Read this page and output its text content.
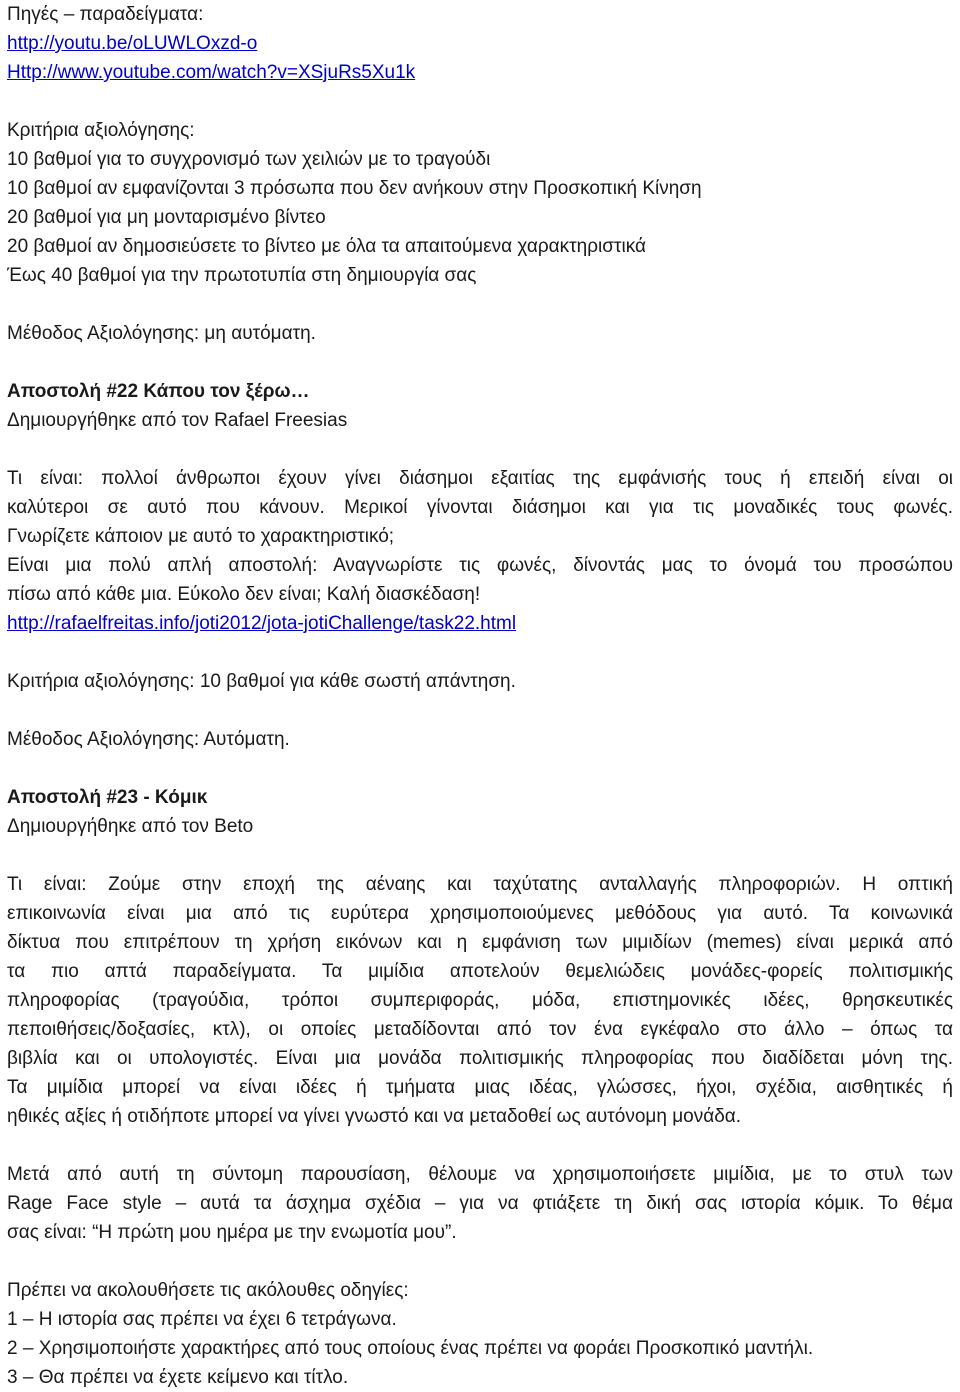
Πηγές – παραδείγματα:
http://youtu.be/oLUWLOxzd-o
Http://www.youtube.com/watch?v=XSjuRs5Xu1k
Κριτήρια αξιολόγησης:
10 βαθμοί για το συγχρονισμό των χειλιών με το τραγούδι
10 βαθμοί αν εμφανίζονται 3 πρόσωπα που δεν ανήκουν στην Προσκοπική Κίνηση
20 βαθμοί για μη μονταρισμένο βίντεο
20 βαθμοί αν δημοσιεύσετε το βίντεο με όλα τα απαιτούμενα χαρακτηριστικά
Έως 40 βαθμοί για την πρωτοτυπία στη δημιουργία σας
Μέθοδος Αξιολόγησης: μη αυτόματη.
Αποστολή #22 Κάπου τον ξέρω…
Δημιουργήθηκε από τον Rafael Freesias
Τι είναι: πολλοί άνθρωποι έχουν γίνει διάσημοι εξαιτίας της εμφάνισής τους ή επειδή είναι οι
καλύτεροι σε αυτό που κάνουν. Μερικοί γίνονται διάσημοι και για τις μοναδικές τους φωνές.
Γνωρίζετε κάποιον με αυτό το χαρακτηριστικό;
Είναι μια πολύ απλή αποστολή: Αναγνωρίστε τις φωνές, δίνοντάς μας το όνομά του προσώπου
πίσω από κάθε μια. Εύκολο δεν είναι; Καλή διασκέδαση!
http://rafaelfreitas.info/joti2012/jota-jotiChallenge/task22.html
Κριτήρια αξιολόγησης: 10 βαθμοί για κάθε σωστή απάντηση.
Μέθοδος Αξιολόγησης: Αυτόματη.
Αποστολή #23 - Κόμικ
Δημιουργήθηκε από τον Beto
Τι είναι: Ζούμε στην εποχή της αέναης και ταχύτατης ανταλλαγής πληροφοριών. Η οπτική
επικοινωνία είναι μια από τις ευρύτερα χρησιμοποιούμενες μεθόδους για αυτό. Τα κοινωνικά
δίκτυα που επιτρέπουν τη χρήση εικόνων και η εμφάνιση των μιμιδίων (memes) είναι μερικά από
τα πιο απτά παραδείγματα. Τα μιμίδια αποτελούν θεμελιώδεις μονάδες-φορείς πολιτισμικής
πληροφορίας (τραγούδια, τρόποι συμπεριφοράς, μόδα, επιστημονικές ιδέες, θρησκευτικές
πεποιθήσεις/δοξασίες, κτλ), οι οποίες μεταδίδονται από τον ένα εγκέφαλο στο άλλο – όπως τα
βιβλία και οι υπολογιστές. Είναι μια μονάδα πολιτισμικής πληροφορίας που διαδίδεται μόνη της.
Τα μιμίδια μπορεί να είναι ιδέες ή τμήματα μιας ιδέας, γλώσσες, ήχοι, σχέδια, αισθητικές ή
ηθικές αξίες ή οτιδήποτε μπορεί να γίνει γνωστό και να μεταδοθεί ως αυτόνομη μονάδα.
Μετά από αυτή τη σύντομη παρουσίαση, θέλουμε να χρησιμοποιήσετε μιμίδια, με το στυλ των
Rage Face style – αυτά τα άσχημα σχέδια – για να φτιάξετε τη δική σας ιστορία κόμικ. Το θέμα
σας είναι: “Η πρώτη μου ημέρα με την ενωμοτία μου”.
Πρέπει να ακολουθήσετε τις ακόλουθες οδηγίες:
1 – Η ιστορία σας πρέπει να έχει 6 τετράγωνα.
2 – Χρησιμοποιήστε χαρακτήρες από τους οποίους ένας πρέπει να φοράει Προσκοπικό μαντήλι.
3 – Θα πρέπει να έχετε κείμενο και τίτλο.
